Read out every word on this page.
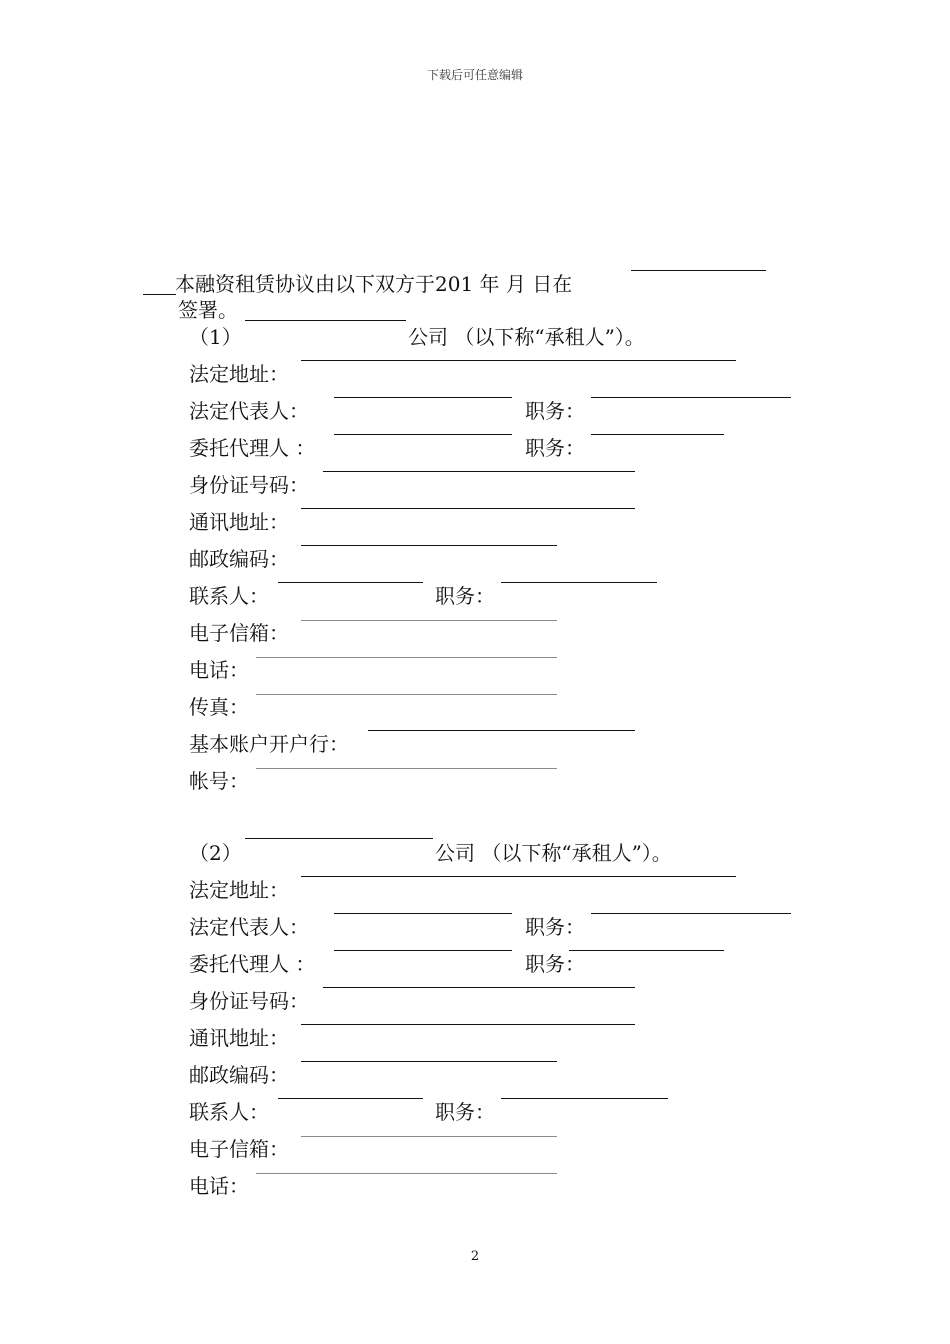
下载后可任意编辑
本融资租赁协议由以下双方于201 年 月 日在
签署。
（1）	公司 （以下称“承租人”）。
法定地址：
法定代表人：	职务：
委托代理人 ：	职务：
身份证号码：
通讯地址：
邮政编码：
联系人：	职务：
电子信箱：
电话：
传真：
基本账户开户行：
帐号：
（2）	公司 （以下称“承租人”）。
法定地址：
法定代表人：	职务：
委托代理人 ：	职务：
身份证号码：
通讯地址：
邮政编码：
联系人：	职务：
电子信箱：
电话：
2
